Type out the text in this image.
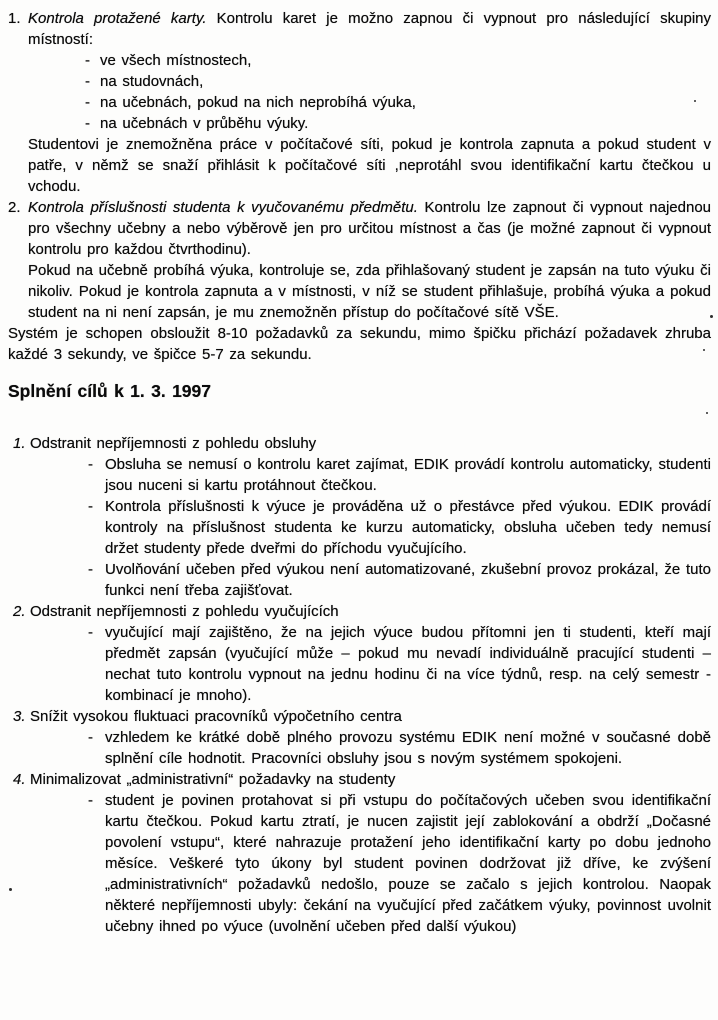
1. Kontrola protažené karty. Kontrolu karet je možno zapnou či vypnout pro následující skupiny místností:

- ve všech místnostech,
- na studovnách,
- na učebnách, pokud na nich neprobíhá výuka,
- na učebnách v průběhu výuky.

Studentovi je znemožněna práce v počítačové síti, pokud je kontrola zapnuta a pokud student v patře, v němž se snaží přihlásit k počítačové síti ,neprotáhl svou identifikační kartu čtečkou u vchodu.

2. Kontrola příslušnosti studenta k vyučovanému předmětu. Kontrolu lze zapnout či vypnout najednou pro všechny učebny a nebo výběrově jen pro určitou místnost a čas (je možné zapnout či vypnout kontrolu pro každou čtvrthodinu).

Pokud na učebně probíhá výuka, kontroluje se, zda přihlašovaný student je zapsán na tuto výuku či nikoliv. Pokud je kontrola zapnuta a v místnosti, v níž se student přihlašuje, probíhá výuka a pokud student na ni není zapsán, je mu znemožněn přístup do počítačové sítě VŠE.

Systém je schopen obsloužit 8-10 požadavků za sekundu, mimo špičku přichází požadavek zhruba každé 3 sekundy, ve špičce 5-7 za sekundu.

Splnění cílů k 1. 3. 1997
1. Odstranit nepříjemnosti z pohledu obsluhy

- Obsluha se nemusí o kontrolu karet zajímat, EDIK provádí kontrolu automaticky, studenti jsou nuceni si kartu protáhnout čtečkou.
- Kontrola příslušnosti k výuce je prováděna už o přestávce před výukou. EDIK provádí kontroly na příslušnost studenta ke kurzu automaticky, obsluha učeben tedy nemusí držet studenty přede dveřmi do příchodu vyučujícího.
- Uvolňování učeben před výukou není automatizované, zkušební provoz prokázal, že tuto funkci není třeba zajišťovat.
2. Odstranit nepříjemnosti z pohledu vyučujících

- vyučující mají zajištěno, že na jejich výuce budou přítomni jen ti studenti, kteří mají předmět zapsán (vyučující může – pokud mu nevadí individuálně pracující studenti – nechat tuto kontrolu vypnout na jednu hodinu či na více týdnů, resp. na celý semestr - kombinací je mnoho).
3. Snížit vysokou fluktuaci pracovníků výpočetního centra

- vzhledem ke krátké době plného provozu systému EDIK není možné v současné době splnění cíle hodnotit. Pracovníci obsluhy jsou s novým systémem spokojeni.
4. Minimalizovat „administrativní“ požadavky na studenty

- student je povinen protahovat si při vstupu do počítačových učeben svou identifikační kartu čtečkou. Pokud kartu ztratí, je nucen zajistit její zablokování a obdrží „Dočasné povolení vstupu“, které nahrazuje protažení jeho identifikační karty po dobu jednoho měsíce. Veškeré tyto úkony byl student povinen dodržovat již dříve, ke zvýšení „administrativních“ požadavků nedošlo, pouze se začalo s jejich kontrolou. Naopak některé nepříjemnosti ubyly: čekání na vyučující před začátkem výuky, povinnost uvolnit učebny ihned po výuce (uvolnění učeben před další výukou)
